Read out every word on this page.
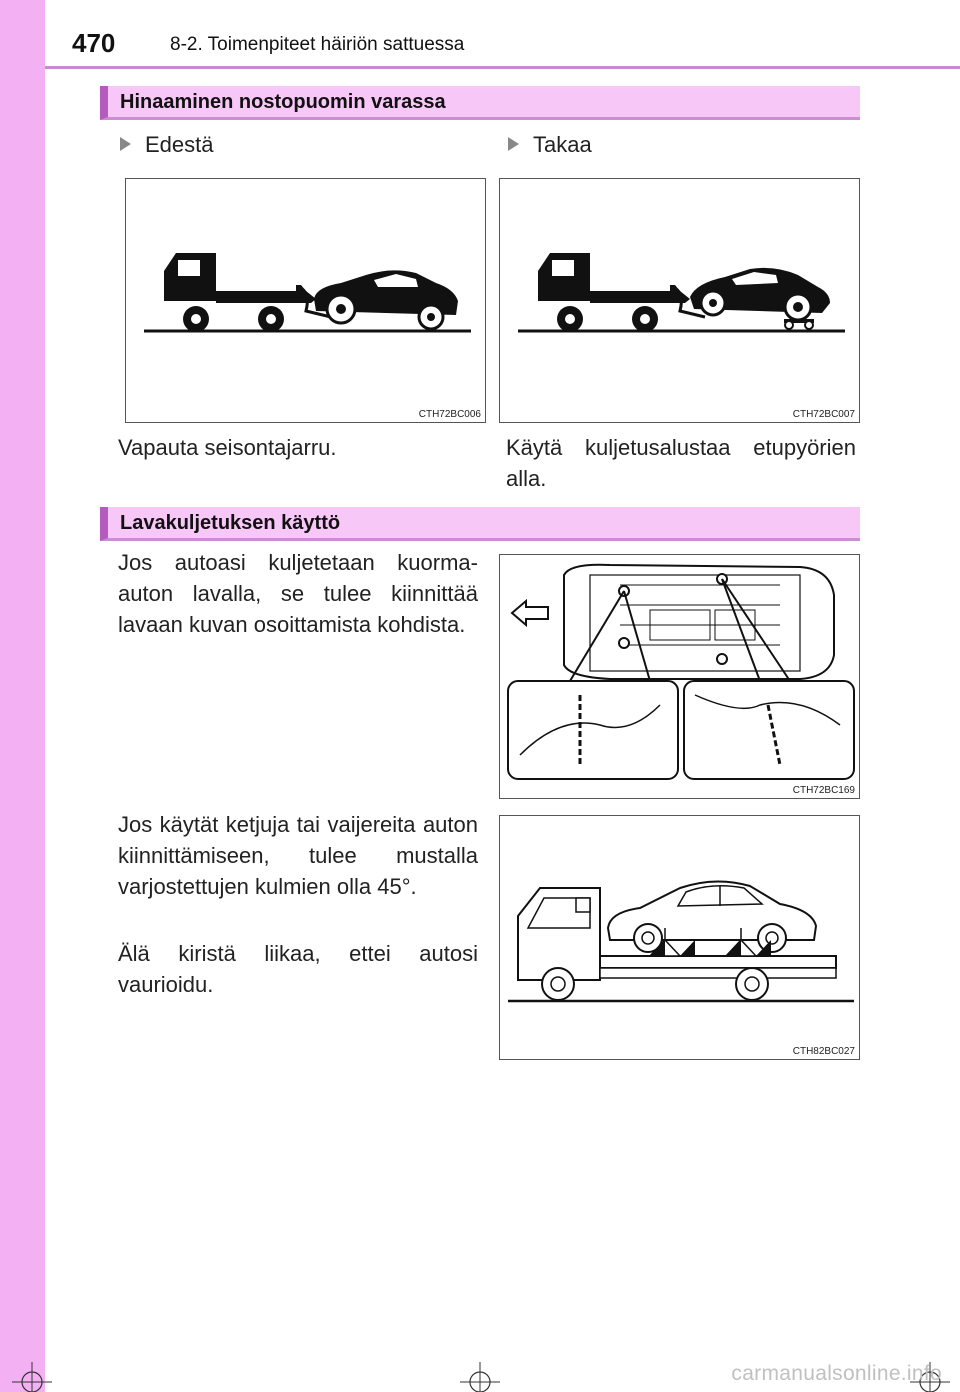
470	8-2. Toimenpiteet häiriön sattuessa
Hinaaminen nostopuomin varassa
Edestä	Takaa
CTH72BC006	CTH72BC007
Vapauta seisontajarru.	Käytä kuljetusalustaa etupyörien alla.
Lavakuljetuksen käyttö
Jos autoasi kuljetetaan kuorma-auton lavalla, se tulee kiinnittää lavaan kuvan osoittamista kohdista.
CTH72BC169
Jos käytät ketjuja tai vaijereita auton kiinnittämiseen, tulee mustalla varjostettujen kulmien olla 45°.
Älä kiristä liikaa, ettei autosi vaurioidu.
CTH82BC027
carmanualsonline.info
